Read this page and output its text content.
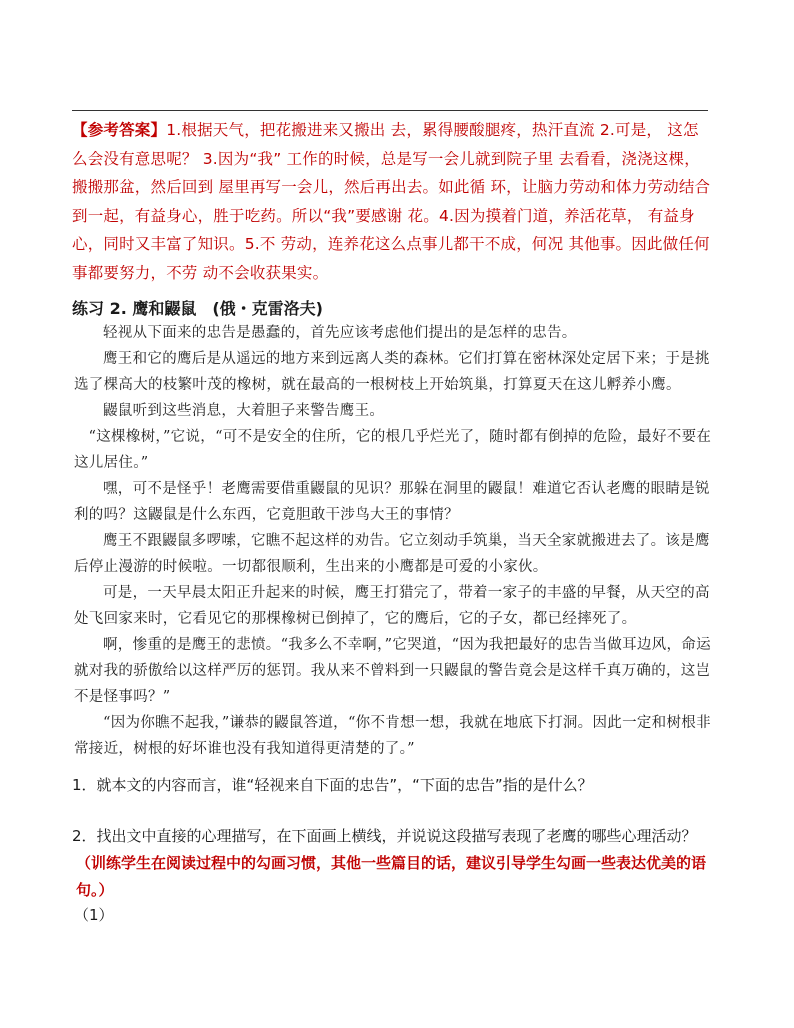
【参考答案】1.根据天气，把花搬进来又搬出 去，累得腰酸腿疼，热汗直流 2.可是， 这怎么会没有意思呢？ 3.因为“我” 工作的时候，总是写一会儿就到院子里 去看看，浇浇这棵，搬搬那盆，然后回到 屋里再写一会儿，然后再出去。如此循 环，让脑力劳动和体力劳动结合到一起，有益身心，胜于吃药。所以“我”要感谢 花。4.因为摸着门道，养活花草， 有益身心，同时又丰富了知识。5.不 劳动，连养花这么点事儿都干不成，何况 其他事。因此做任何事都要努力，不劳 动不会收获果实。
练习 2. 鹰和鼹鼠　(俄・克雷洛夫)

轻视从下面来的忠告是愚蠢的，首先应该考虑他们提出的是怎样的忠告。

鹰王和它的鹰后是从遥远的地方来到远离人类的森林。它们打算在密林深处定居下来；于是挑选了棵高大的枝繁叶茂的橡树，就在最高的一根树枝上开始筑巢，打算夏天在这儿孵养小鹰。

鼹鼠听到这些消息，大着胆子来警告鹰王。

“这棵橡树，”它说，“可不是安全的住所，它的根几乎烂光了，随时都有倒掉的危险，最好不要在这儿居住。”

嘿，可不是怪乎！老鹰需要借重鼹鼠的见识？那躲在洞里的鼹鼠！难道它否认老鹰的眼睛是锐利的吗？这鼹鼠是什么东西，它竟胆敢干涉鸟大王的事情？

鹰王不跟鼹鼠多啰嗦，它瞧不起这样的劝告。它立刻动手筑巢，当天全家就搬进去了。该是鹰后停止漫游的时候啦。一切都很顺利，生出来的小鹰都是可爱的小家伙。

可是，一天早晨太阳正升起来的时候，鹰王打猎完了，带着一家子的丰盛的早餐，从天空的高处飞回家来时，它看见它的那棵橡树已倒掉了，它的鹰后，它的子女，都已经摔死了。

啊，惨重的是鹰王的悲愤。“我多么不幸啊，”它哭道，“因为我把最好的忠告当做耳边风，命运就对我的骄傲给以这样严厉的惩罚。我从来不曾料到一只鼹鼠的警告竟会是这样千真万确的，这岂不是怪事吗？”

“因为你瞧不起我，”谦恭的鼹鼠答道，“你不肯想一想，我就在地底下打洞。因此一定和树根非常接近，树根的好坏谁也没有我知道得更清楚的了。”

1．就本文的内容而言，谁“轻视来自下面的忠告”，“下面的忠告”指的是什么？
2．找出文中直接的心理描写，在下面画上横线，并说说这段描写表现了老鹰的哪些心理活动？
（训练学生在阅读过程中的勾画习惯，其他一些篇目的话，建议引导学生勾画一些表达优美的语句。）
（1）
